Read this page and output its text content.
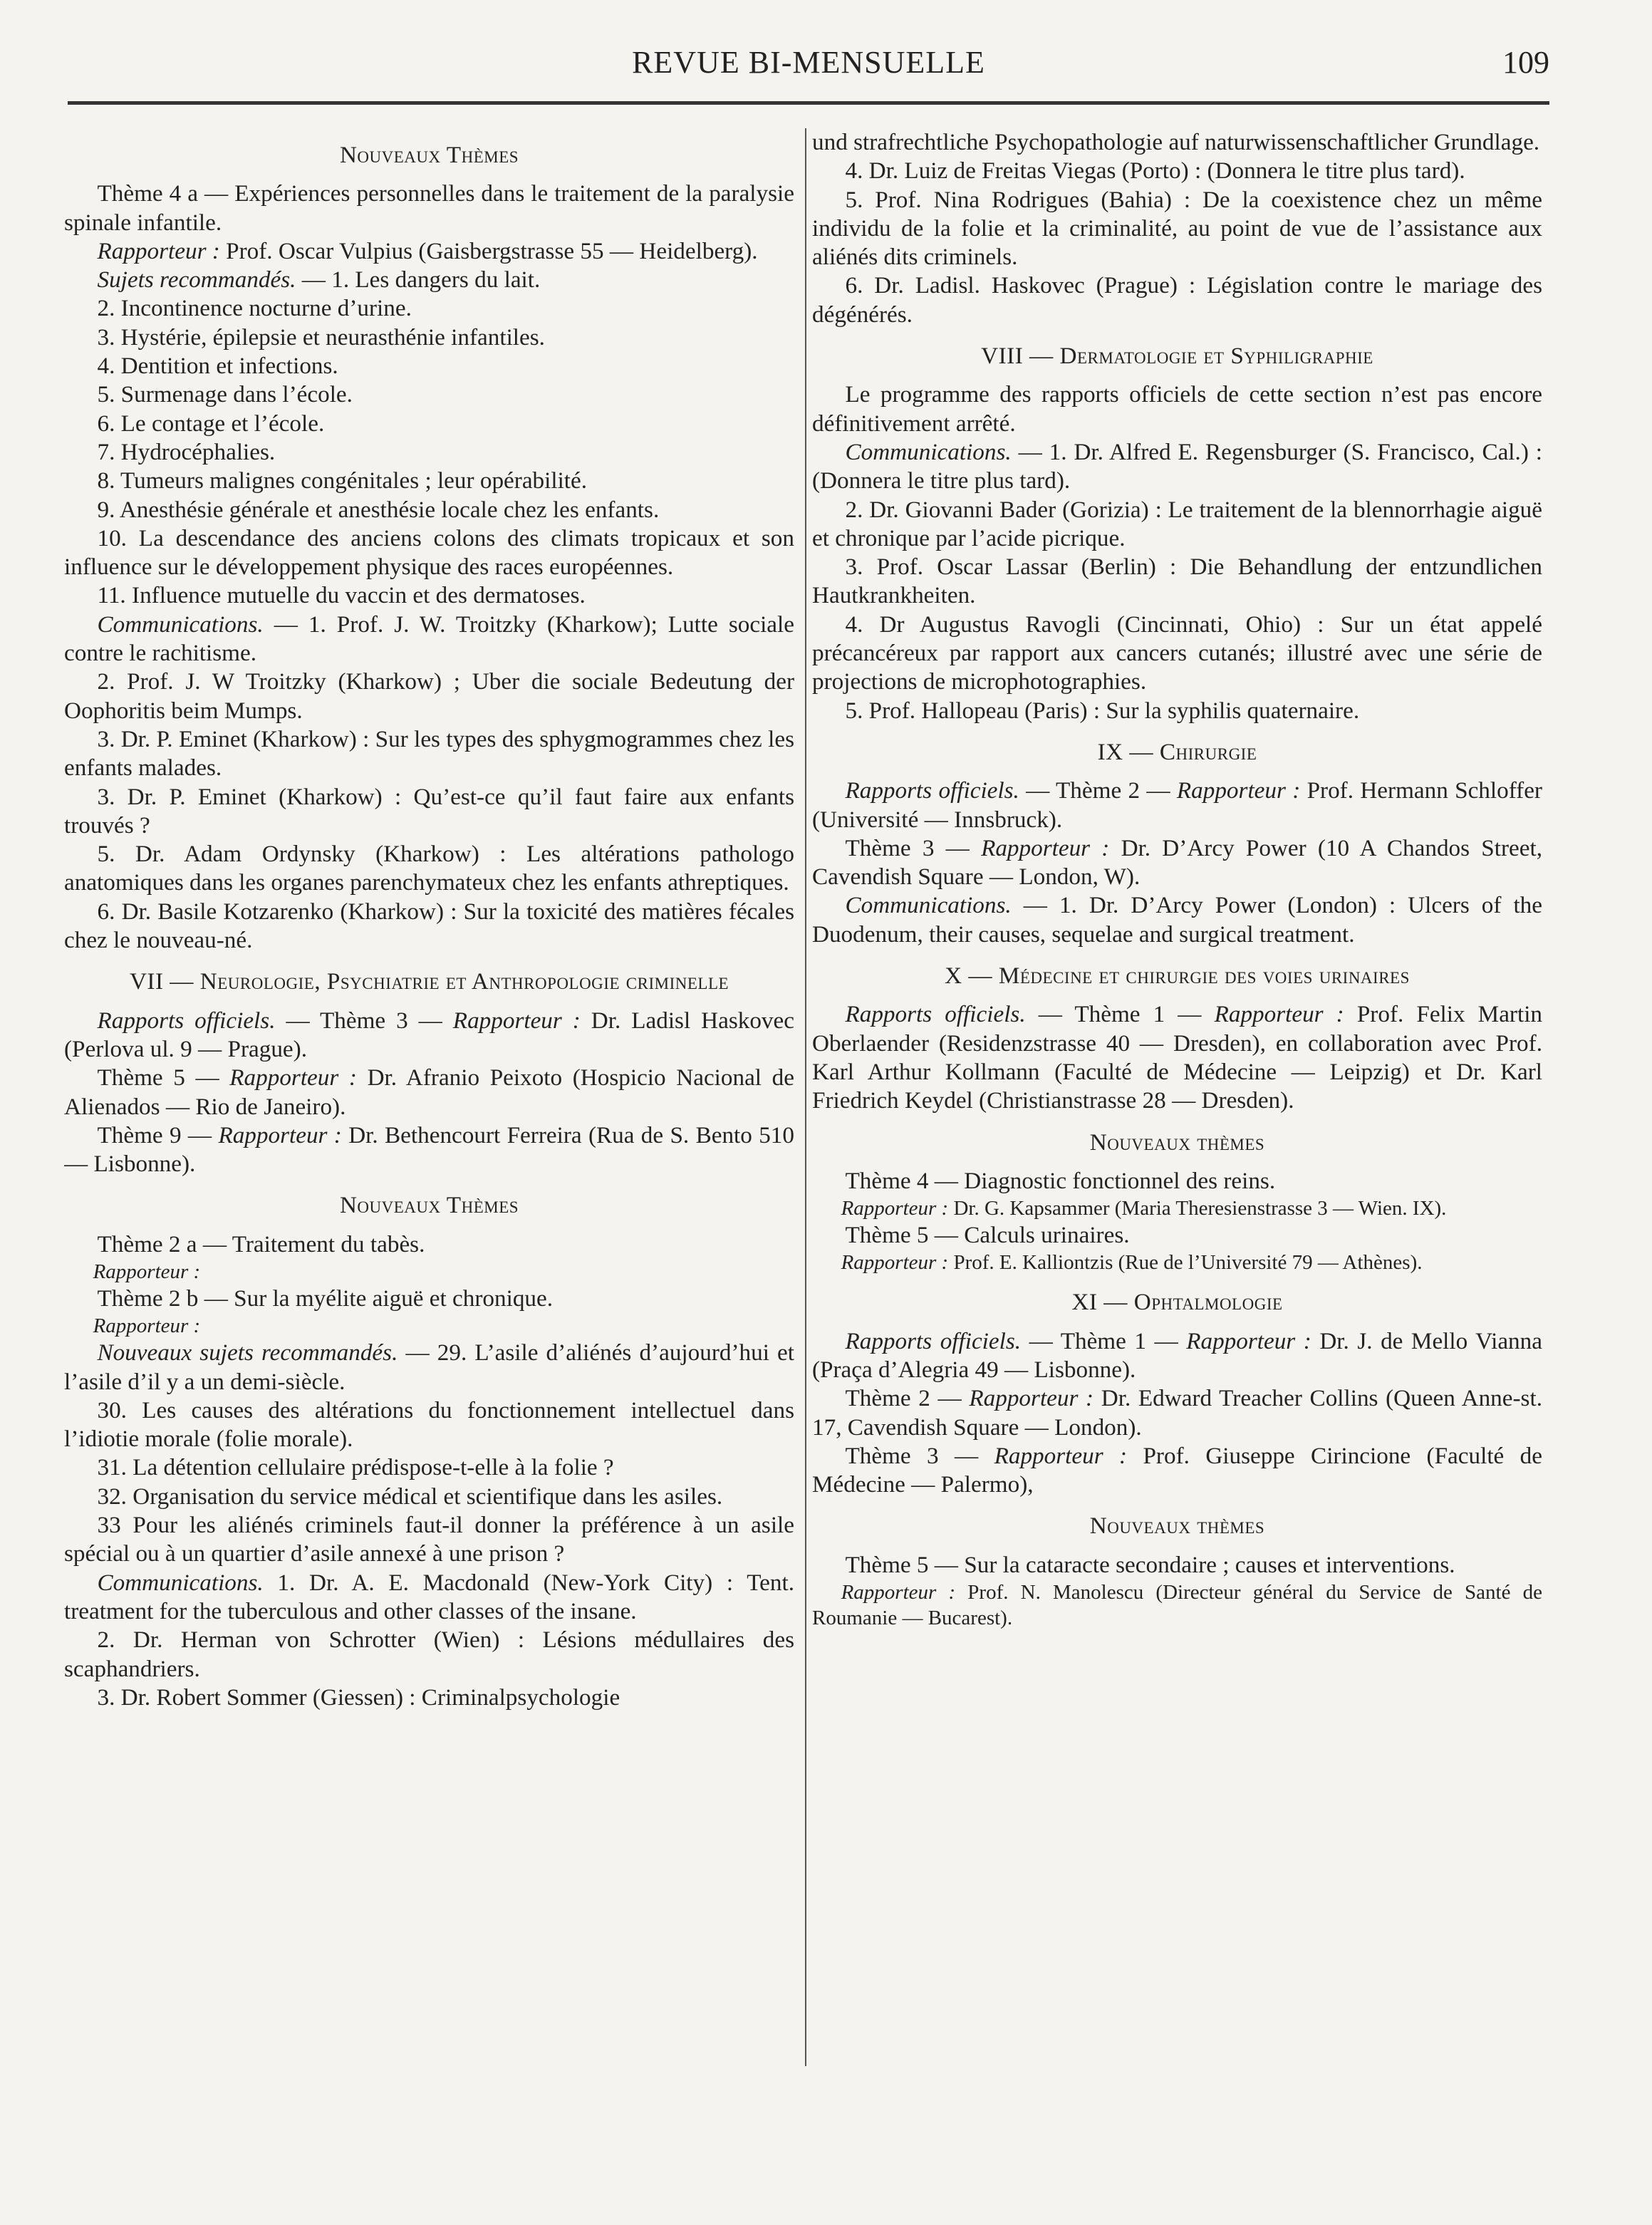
REVUE BI-MENSUELLE	109
Nouveaux Thèmes

Thème 4 a — Expériences personnelles dans le traitement de la paralysie spinale infantile.

Rapporteur : Prof. Oscar Vulpius (Gaisbergstrasse 55 — Heidelberg).

Sujets recommandés. — 1. Les dangers du lait.

2. Incontinence nocturne d’urine.

3. Hystérie, épilepsie et neurasthénie infantiles.

4. Dentition et infections.

5. Surmenage dans l’école.

6. Le contage et l’école.

7. Hydrocéphalies.

8. Tumeurs malignes congénitales ; leur opérabilité.

9. Anesthésie générale et anesthésie locale chez les enfants.

10. La descendance des anciens colons des climats tropicaux et son influence sur le développement physique des races européennes.

11. Influence mutuelle du vaccin et des dermatoses.

Communications. — 1. Prof. J. W. Troitzky (Kharkow); Lutte sociale contre le rachitisme.

2. Prof. J. W Troitzky (Kharkow) ; Uber die sociale Bedeutung der Oophoritis beim Mumps.

3. Dr. P. Eminet (Kharkow) : Sur les types des sphygmogrammes chez les enfants malades.

3. Dr. P. Eminet (Kharkow) : Qu’est-ce qu’il faut faire aux enfants trouvés ?

5. Dr. Adam Ordynsky (Kharkow) : Les altérations pathologo anatomiques dans les organes parenchymateux chez les enfants athreptiques.

6. Dr. Basile Kotzarenko (Kharkow) : Sur la toxicité des matières fécales chez le nouveau-né.

VII — Neurologie, Psychiatrie et Anthropologie criminelle

Rapports officiels. — Thème 3 — Rapporteur : Dr. Ladisl Haskovec (Perlova ul. 9 — Prague).

Thème 5 — Rapporteur : Dr. Afranio Peixoto (Hospicio Nacional de Alienados — Rio de Janeiro).

Thème 9 — Rapporteur : Dr. Bethencourt Ferreira (Rua de S. Bento 510 — Lisbonne).

Nouveaux Thèmes

Thème 2 a — Traitement du tabès.

Rapporteur :

Thème 2 b — Sur la myélite aiguë et chronique.

Rapporteur :

Nouveaux sujets recommandés. — 29. L’asile d’aliénés d’aujourd’hui et l’asile d’il y a un demi-siècle.

30. Les causes des altérations du fonctionnement intellectuel dans l’idiotie morale (folie morale).

31. La détention cellulaire prédispose-t-elle à la folie ?

32. Organisation du service médical et scientifique dans les asiles.

33 Pour les aliénés criminels faut-il donner la préférence à un asile spécial ou à un quartier d’asile annexé à une prison ?

Communications. 1. Dr. A. E. Macdonald (New-York City) : Tent. treatment for the tuberculous and other classes of the insane.

2. Dr. Herman von Schrotter (Wien) : Lésions médullaires des scaphandriers.

3. Dr. Robert Sommer (Giessen) : Criminalpsychologie

und strafrechtliche Psychopathologie auf naturwissenschaftlicher Grundlage.

4. Dr. Luiz de Freitas Viegas (Porto) : (Donnera le titre plus tard).

5. Prof. Nina Rodrigues (Bahia) : De la coexistence chez un même individu de la folie et la criminalité, au point de vue de l’assistance aux aliénés dits criminels.

6. Dr. Ladisl. Haskovec (Prague) : Législation contre le mariage des dégénérés.

VIII — Dermatologie et Syphiligraphie

Le programme des rapports officiels de cette section n’est pas encore définitivement arrêté.

Communications. — 1. Dr. Alfred E. Regensburger (S. Francisco, Cal.) : (Donnera le titre plus tard).

2. Dr. Giovanni Bader (Gorizia) : Le traitement de la blennorrhagie aiguë et chronique par l’acide picrique.

3. Prof. Oscar Lassar (Berlin) : Die Behandlung der entzundlichen Hautkrankheiten.

4. Dr Augustus Ravogli (Cincinnati, Ohio) : Sur un état appelé précancéreux par rapport aux cancers cutanés; illustré avec une série de projections de microphotographies.

5. Prof. Hallopeau (Paris) : Sur la syphilis quaternaire.

IX — Chirurgie

Rapports officiels. — Thème 2 — Rapporteur : Prof. Hermann Schloffer (Université — Innsbruck).

Thème 3 — Rapporteur : Dr. D’Arcy Power (10 A Chandos Street, Cavendish Square — London, W).

Communications. — 1. Dr. D’Arcy Power (London) : Ulcers of the Duodenum, their causes, sequelae and surgical treatment.

X — Médecine et chirurgie des voies urinaires

Rapports officiels. — Thème 1 — Rapporteur : Prof. Felix Martin Oberlaender (Residenzstrasse 40 — Dresden), en collaboration avec Prof. Karl Arthur Kollmann (Faculté de Médecine — Leipzig) et Dr. Karl Friedrich Keydel (Christianstrasse 28 — Dresden).

Nouveaux thèmes

Thème 4 — Diagnostic fonctionnel des reins.

Rapporteur : Dr. G. Kapsammer (Maria Theresienstrasse 3 — Wien. IX).

Thème 5 — Calculs urinaires.

Rapporteur : Prof. E. Kalliontzis (Rue de l’Université 79 — Athènes).

XI — Ophtalmologie

Rapports officiels. — Thème 1 — Rapporteur : Dr. J. de Mello Vianna (Praça d’Alegria 49 — Lisbonne).

Thème 2 — Rapporteur : Dr. Edward Treacher Collins (Queen Anne-st. 17, Cavendish Square — London).

Thème 3 — Rapporteur : Prof. Giuseppe Cirincione (Faculté de Médecine — Palermo),

Nouveaux thèmes

Thème 5 — Sur la cataracte secondaire ; causes et interventions.

Rapporteur : Prof. N. Manolescu (Directeur général du Service de Santé de Roumanie — Bucarest).
